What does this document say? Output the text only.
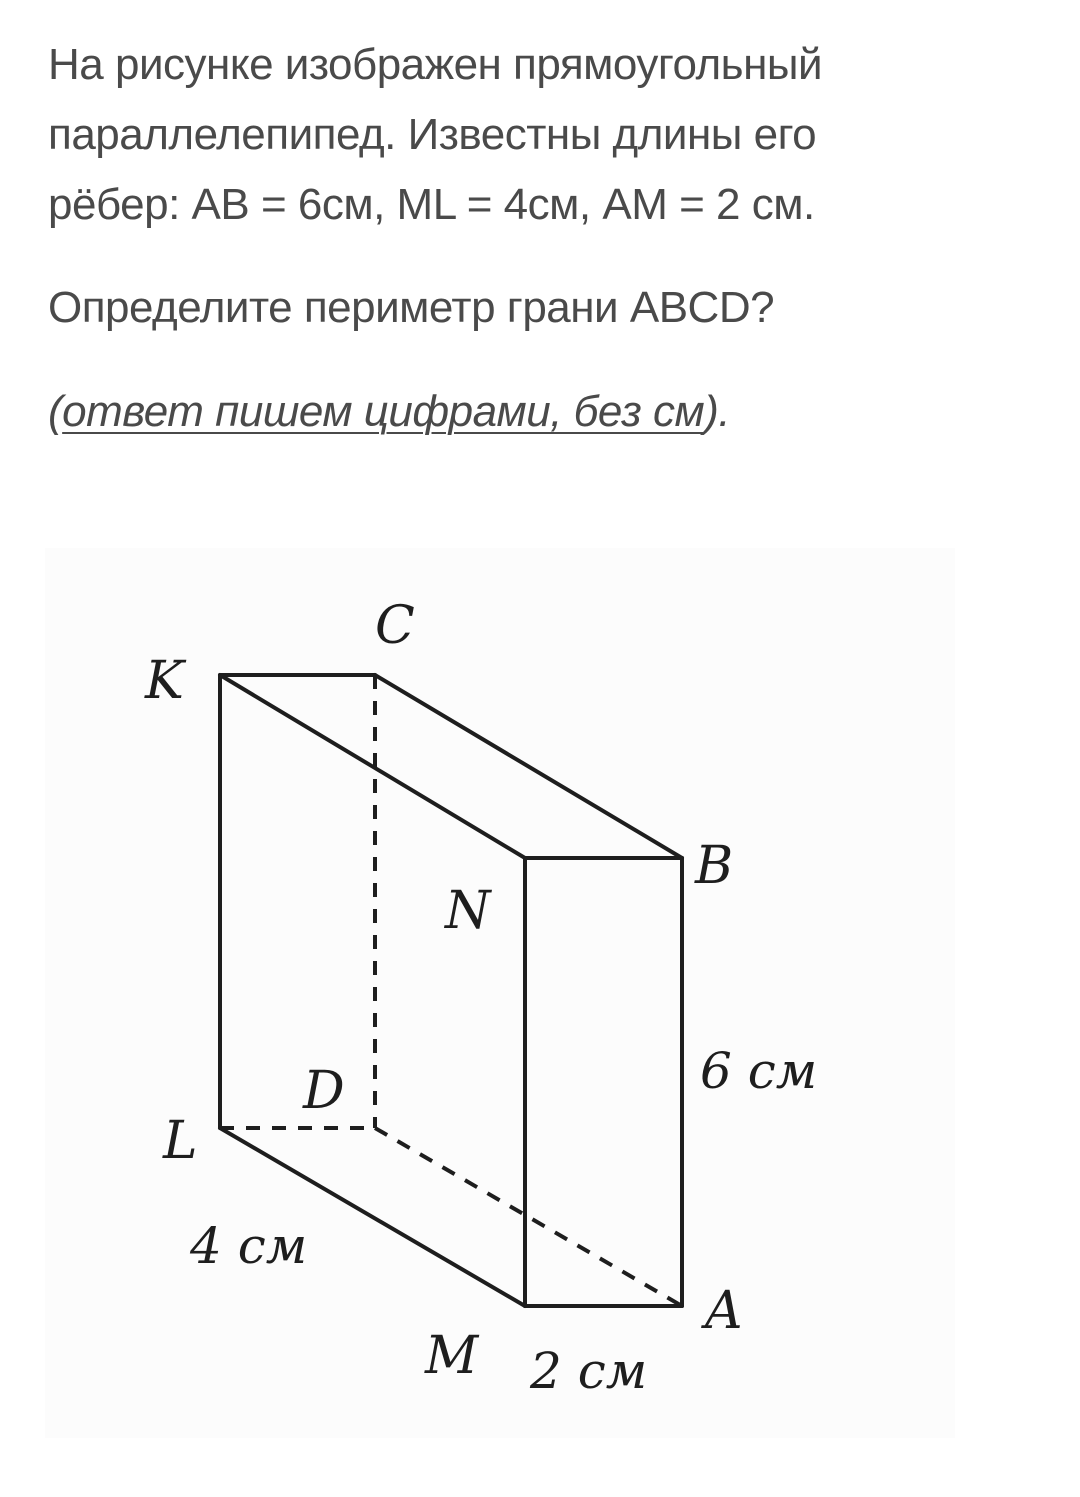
На рисунке изображен прямоугольный

параллелепипед. Известны длины его

рёбер: AB = 6см, ML = 4см, AM = 2 см.

Определите периметр грани ABCD?
(ответ пишем цифрами, без см).
K
C
B
N
D
L
M
A
6 см
4 см
2 см
